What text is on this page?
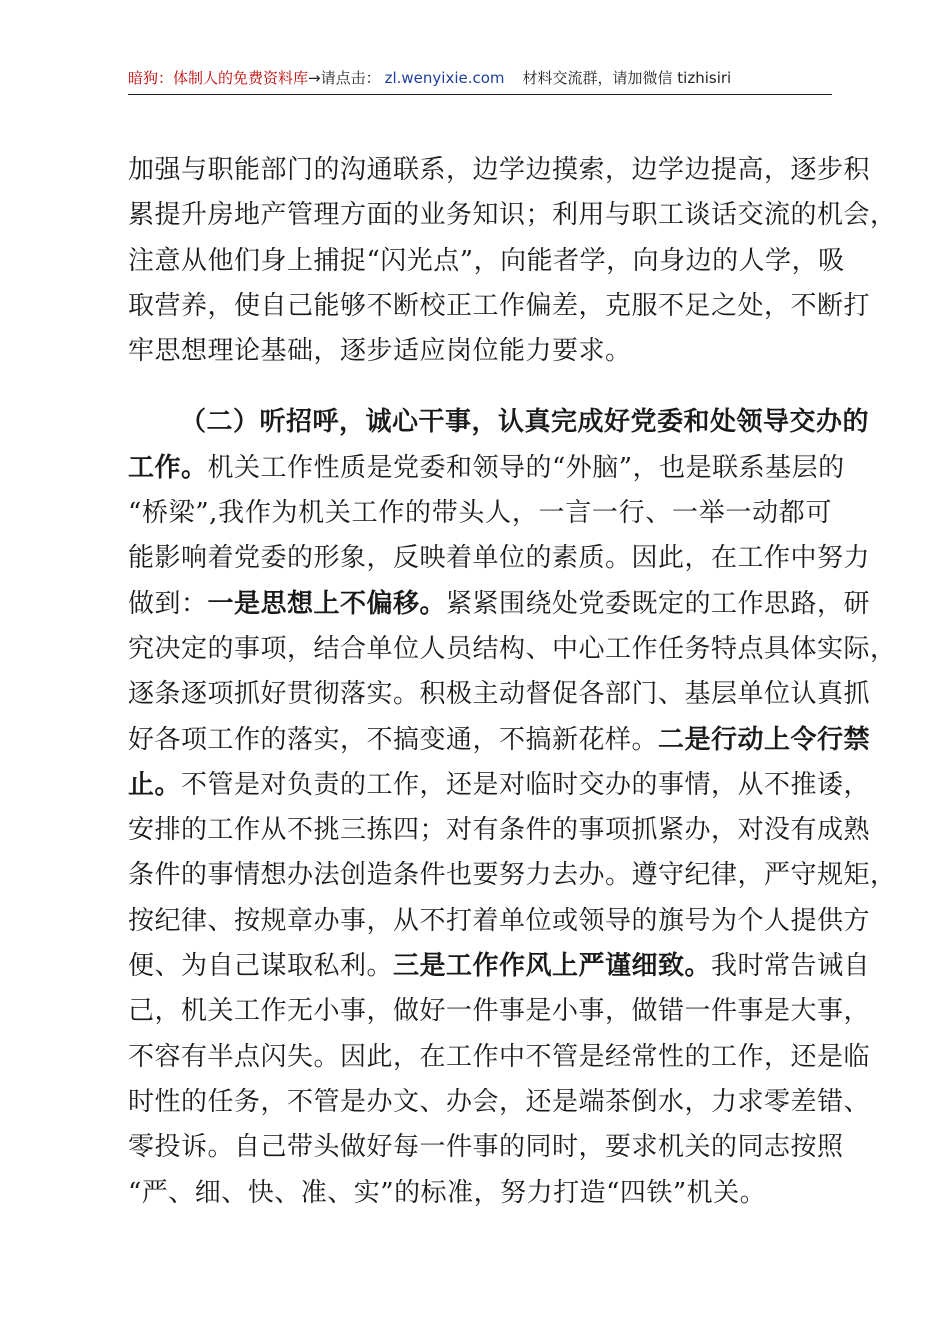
暗狗：体制人的免费资料库→请点击： zl.wenyixie.com 材料交流群，请加微信 tizhisiri
加强与职能部门的沟通联系，边学边摸索，边学边提高，逐步积
累提升房地产管理方面的业务知识；利用与职工谈话交流的机会，
注意从他们身上捕捉“闪光点”，向能者学，向身边的人学，吸
取营养，使自己能够不断校正工作偏差，克服不足之处，不断打
牢思想理论基础，逐步适应岗位能力要求。
（二）听招呼，诚心干事，认真完成好党委和处领导交办的
工作。机关工作性质是党委和领导的“外脑”，也是联系基层的
“桥梁”,我作为机关工作的带头人，一言一行、一举一动都可
能影响着党委的形象，反映着单位的素质。因此，在工作中努力
做到：一是思想上不偏移。紧紧围绕处党委既定的工作思路，研
究决定的事项，结合单位人员结构、中心工作任务特点具体实际，
逐条逐项抓好贯彻落实。积极主动督促各部门、基层单位认真抓
好各项工作的落实，不搞变通，不搞新花样。二是行动上令行禁
止。不管是对负责的工作，还是对临时交办的事情，从不推诿，
安排的工作从不挑三拣四；对有条件的事项抓紧办，对没有成熟
条件的事情想办法创造条件也要努力去办。遵守纪律，严守规矩，
按纪律、按规章办事，从不打着单位或领导的旗号为个人提供方
便、为自己谋取私利。三是工作作风上严谨细致。我时常告诫自
己，机关工作无小事，做好一件事是小事，做错一件事是大事，
不容有半点闪失。因此，在工作中不管是经常性的工作，还是临
时性的任务，不管是办文、办会，还是端茶倒水，力求零差错、
零投诉。自己带头做好每一件事的同时，要求机关的同志按照
“严、细、快、准、实”的标准，努力打造“四铁”机关。
